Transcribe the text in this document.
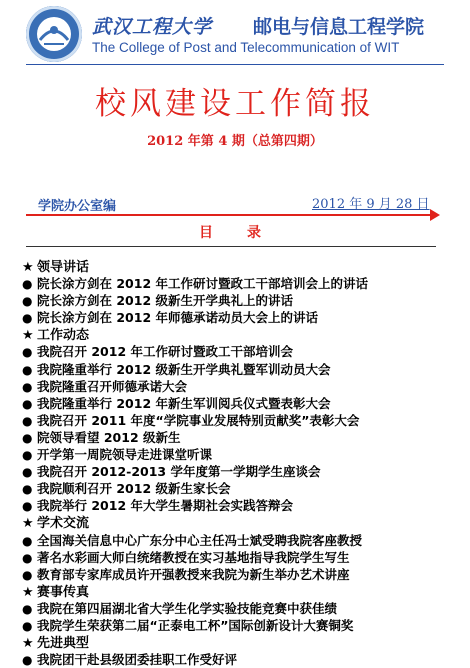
武汉工程大学 邮电与信息工程学院
The College of Post and Telecommunication of WIT
校风建设工作简报
2012 年第 4 期（总第四期）
学院办公室编	2012 年 9 月 28 日
目　录
★ 领导讲话
● 院长涂方剑在 2012 年工作研讨暨政工干部培训会上的讲话
● 院长涂方剑在 2012 级新生开学典礼上的讲话
● 院长涂方剑在 2012 年师德承诺动员大会上的讲话
★ 工作动态
● 我院召开 2012 年工作研讨暨政工干部培训会
● 我院隆重举行 2012 级新生开学典礼暨军训动员大会
● 我院隆重召开师德承诺大会
● 我院隆重举行 2012 年新生军训阅兵仪式暨表彰大会
● 我院召开 2011 年度“学院事业发展特别贡献奖”表彰大会
● 院领导看望 2012 级新生
● 开学第一周院领导走进课堂听课
● 我院召开 2012-2013 学年度第一学期学生座谈会
● 我院顺利召开 2012 级新生家长会
● 我院举行 2012 年大学生暑期社会实践答辩会
★ 学术交流
● 全国海关信息中心广东分中心主任冯士斌受聘我院客座教授
● 著名水彩画大师白统绪教授在实习基地指导我院学生写生
● 教育部专家库成员许开强教授来我院为新生举办艺术讲座
★ 赛事传真
● 我院在第四届湖北省大学生化学实验技能竞赛中获佳绩
● 我院学生荣获第二届“正泰电工杯”国际创新设计大赛铜奖
★ 先进典型
● 我院团干赴县级团委挂职工作受好评
